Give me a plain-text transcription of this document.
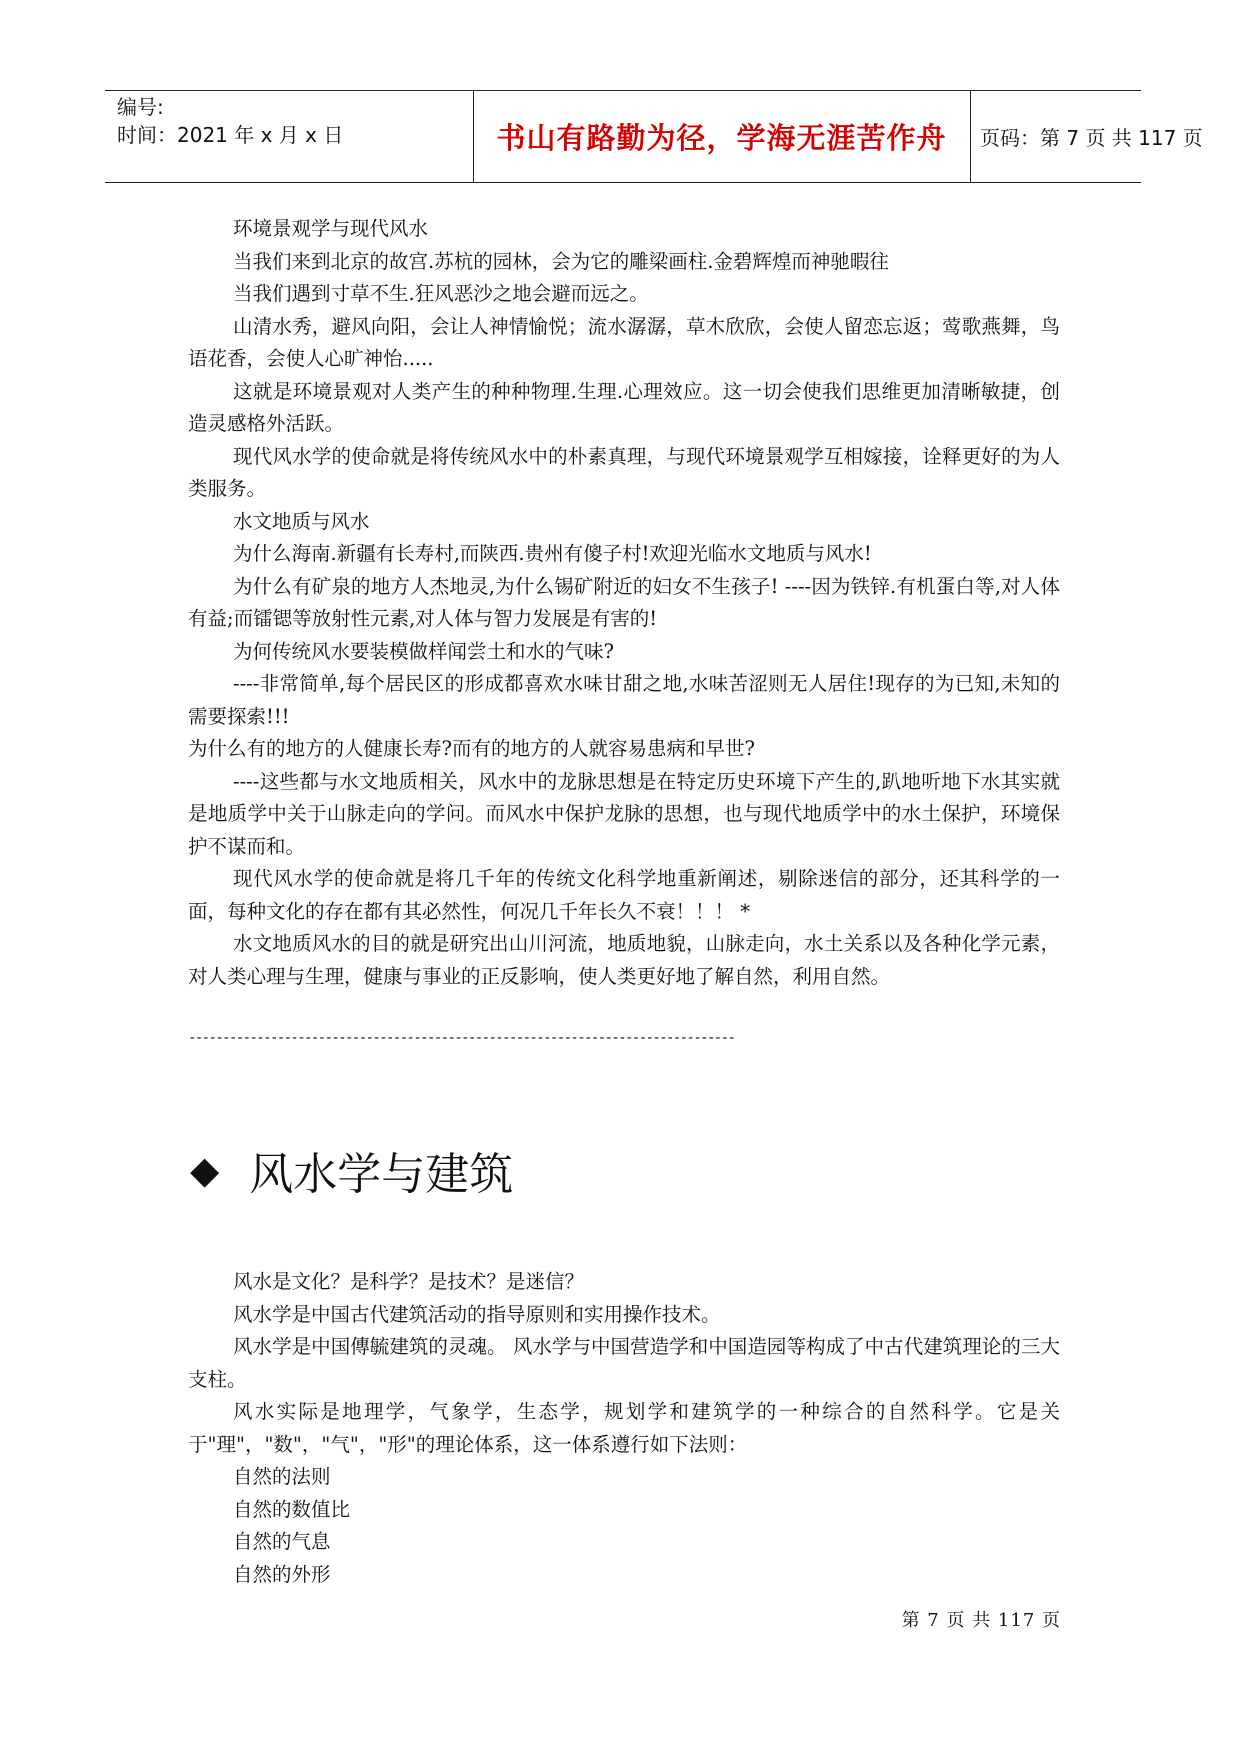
编号:
时间：2021 年 x 月 x 日	书山有路勤为径，学海无涯苦作舟	页码：第 7 页 共 117 页

环境景观学与现代风水

当我们来到北京的故宫.苏杭的园林，会为它的雕梁画柱.金碧辉煌而神驰暇往

当我们遇到寸草不生.狂风恶沙之地会避而远之。

山清水秀，避风向阳，会让人神情愉悦；流水潺潺，草木欣欣，会使人留恋忘返；莺歌燕舞，鸟语花香，会使人心旷神怡.....

这就是环境景观对人类产生的种种物理.生理.心理效应。这一切会使我们思维更加清晰敏捷，创造灵感格外活跃。

现代风水学的使命就是将传统风水中的朴素真理，与现代环境景观学互相嫁接，诠释更好的为人类服务。

水文地质与风水

为什么海南.新疆有长寿村,而陕西.贵州有傻子村!欢迎光临水文地质与风水!

为什么有矿泉的地方人杰地灵,为什么锡矿附近的妇女不生孩子! ----因为铁锌.有机蛋白等,对人体有益;而镭锶等放射性元素,对人体与智力发展是有害的!

为何传统风水要装模做样闻尝土和水的气味?

----非常简单,每个居民区的形成都喜欢水味甘甜之地,水味苦涩则无人居住!现存的为已知,未知的需要探索!!!

为什么有的地方的人健康长寿?而有的地方的人就容易患病和早世?

----这些都与水文地质相关，风水中的龙脉思想是在特定历史环境下产生的,趴地听地下水其实就是地质学中关于山脉走向的学问。而风水中保护龙脉的思想，也与现代地质学中的水土保护，环境保护不谋而和。

现代风水学的使命就是将几千年的传统文化科学地重新阐述，剔除迷信的部分，还其科学的一面，每种文化的存在都有其必然性，何况几千年长久不衰！！！ *

水文地质风水的目的就是研究出山川河流，地质地貌，山脉走向，水土关系以及各种化学元素，对人类心理与生理，健康与事业的正反影响，使人类更好地了解自然，利用自然。

--------------------------------------------------------------------------------
◆ 风水学与建筑

风水是文化？是科学？是技术？是迷信？

风水学是中国古代建筑活动的指导原则和实用操作技术。

风水学是中国傳毓建筑的灵魂。 风水学与中国营造学和中国造园等构成了中古代建筑理论的三大支柱。

风水实际是地理学，气象学，生态学，规划学和建筑学的一种综合的自然科学。它是关于"理"，"数"，"气"，"形"的理论体系，这一体系遵行如下法则：

自然的法则

自然的数值比

自然的气息

自然的外形

第 7 页 共 117 页
